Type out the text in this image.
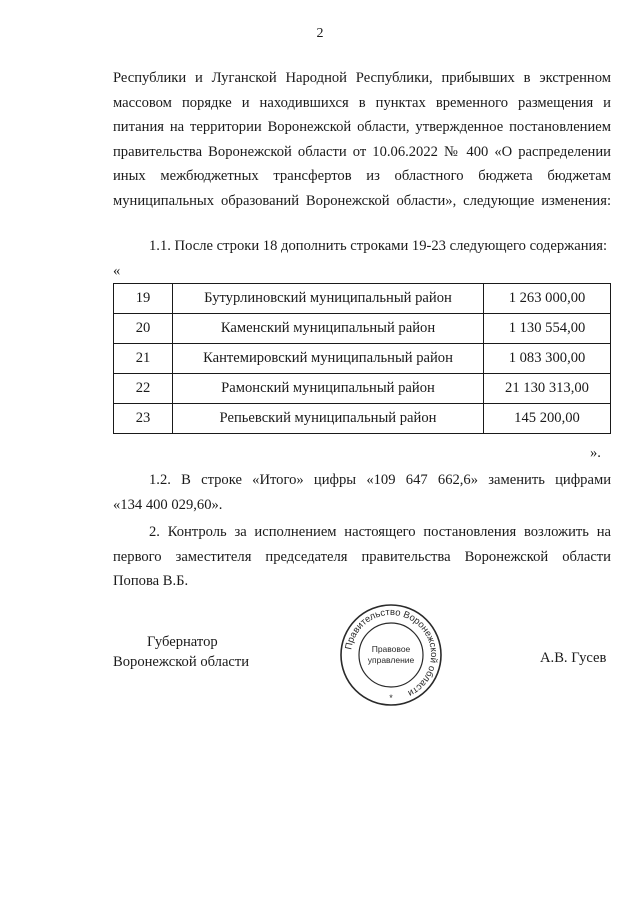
2
Республики и Луганской Народной Республики, прибывших в экстренном
массовом порядке и находившихся в пунктах временного размещения и
питания на территории Воронежской области, утвержденное постановлением
правительства Воронежской области от 10.06.2022 № 400 «О распределении
иных межбюджетных трансфертов из областного бюджета бюджетам
муниципальных образований Воронежской области», следующие изменения:
1.1. После строки 18 дополнить строками 19-23 следующего содержания:
«
19	Бутурлиновский муниципальный район	1 263 000,00
20	Каменский муниципальный район	1 130 554,00
21	Кантемировский муниципальный район	1 083 300,00
22	Рамонский муниципальный район	21 130 313,00
23	Репьевский муниципальный район	145 200,00
».
1.2. В строке «Итого» цифры «109 647 662,6» заменить цифрами
«134 400 029,60».
2. Контроль за исполнением настоящего постановления возложить на
первого заместителя председателя правительства Воронежской области
Попова В.Б.
Губернатор
Воронежской области
Правительство Воронежской области
Правовое
управление
*
А.В. Гусев
